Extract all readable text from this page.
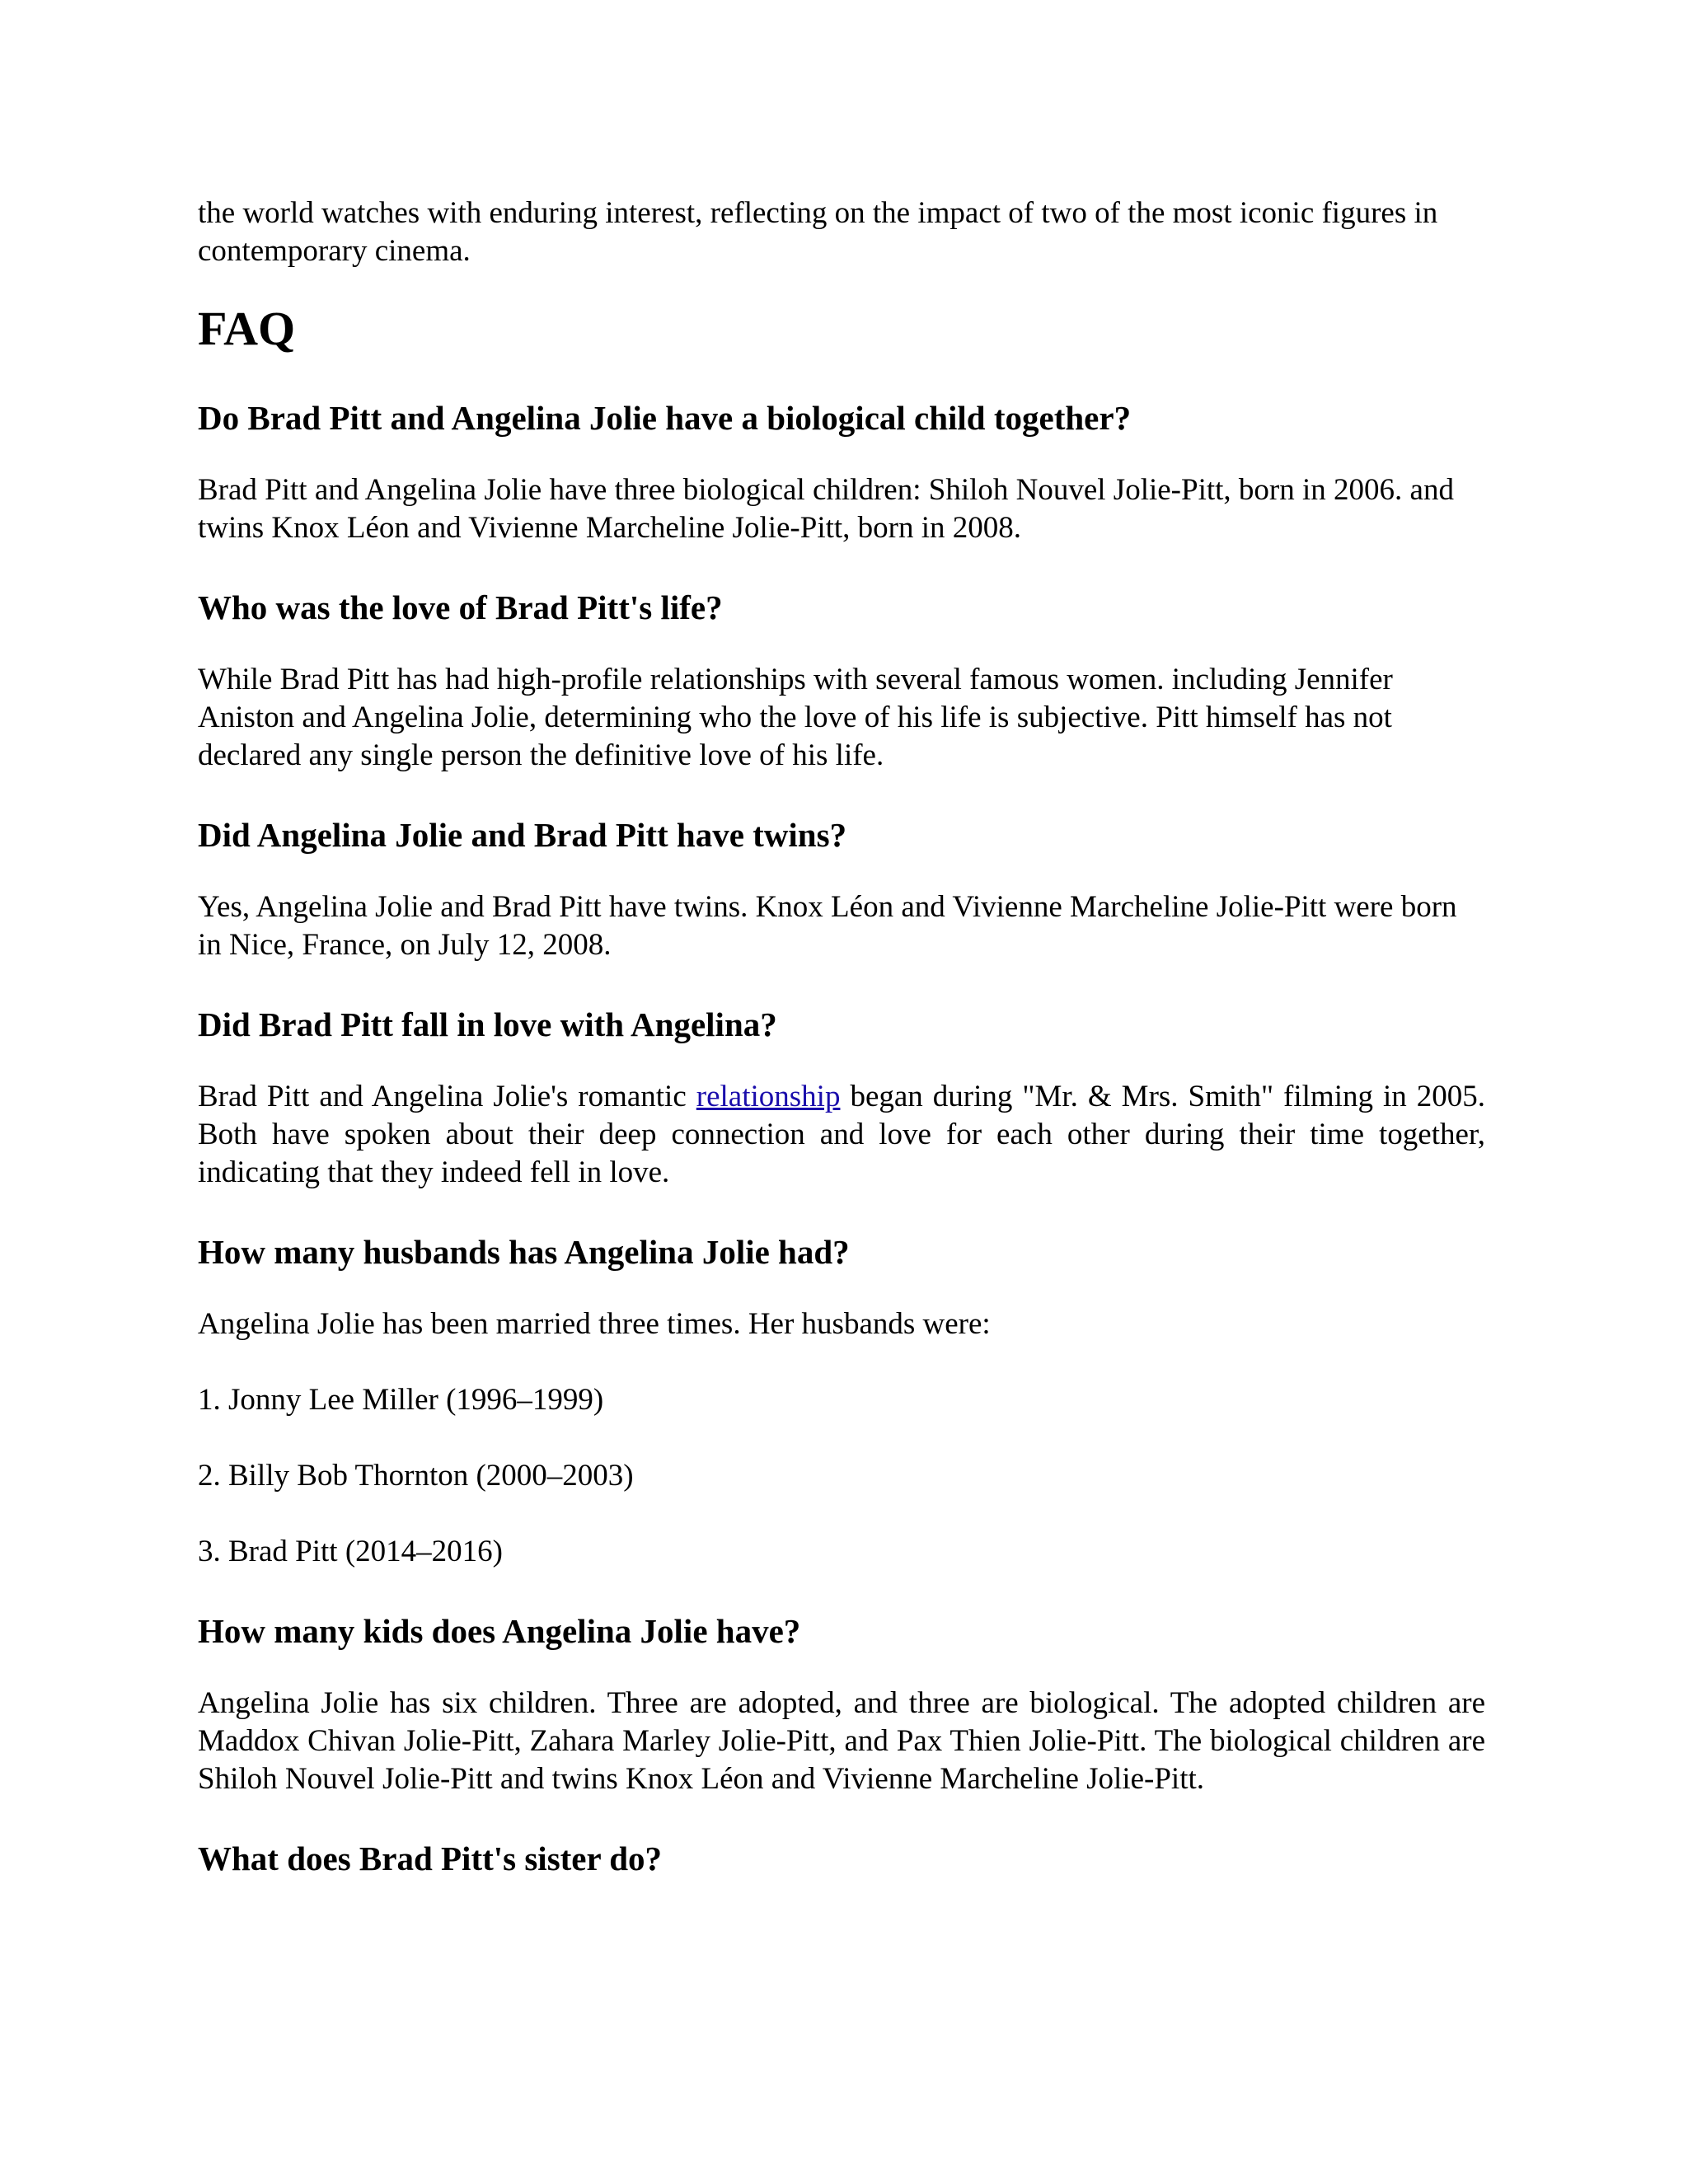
the world watches with enduring interest, reflecting on the impact of two of the most iconic figures in contemporary cinema.

FAQ
Do Brad Pitt and Angelina Jolie have a biological child together?

Brad Pitt and Angelina Jolie have three biological children: Shiloh Nouvel Jolie-Pitt, born in 2006. and twins Knox Léon and Vivienne Marcheline Jolie-Pitt, born in 2008.

Who was the love of Brad Pitt's life?

While Brad Pitt has had high-profile relationships with several famous women. including Jennifer Aniston and Angelina Jolie, determining who the love of his life is subjective. Pitt himself has not declared any single person the definitive love of his life.

Did Angelina Jolie and Brad Pitt have twins?

Yes, Angelina Jolie and Brad Pitt have twins. Knox Léon and Vivienne Marcheline Jolie-Pitt were born in Nice, France, on July 12, 2008.

Did Brad Pitt fall in love with Angelina?

Brad Pitt and Angelina Jolie's romantic relationship began during "Mr. & Mrs. Smith" filming in 2005. Both have spoken about their deep connection and love for each other during their time together, indicating that they indeed fell in love.

How many husbands has Angelina Jolie had?

Angelina Jolie has been married three times. Her husbands were:

1. Jonny Lee Miller (1996–1999)

2. Billy Bob Thornton (2000–2003)

3. Brad Pitt (2014–2016)

How many kids does Angelina Jolie have?

Angelina Jolie has six children. Three are adopted, and three are biological. The adopted children are Maddox Chivan Jolie-Pitt, Zahara Marley Jolie-Pitt, and Pax Thien Jolie-Pitt. The biological children are Shiloh Nouvel Jolie-Pitt and twins Knox Léon and Vivienne Marcheline Jolie-Pitt.

What does Brad Pitt's sister do?
